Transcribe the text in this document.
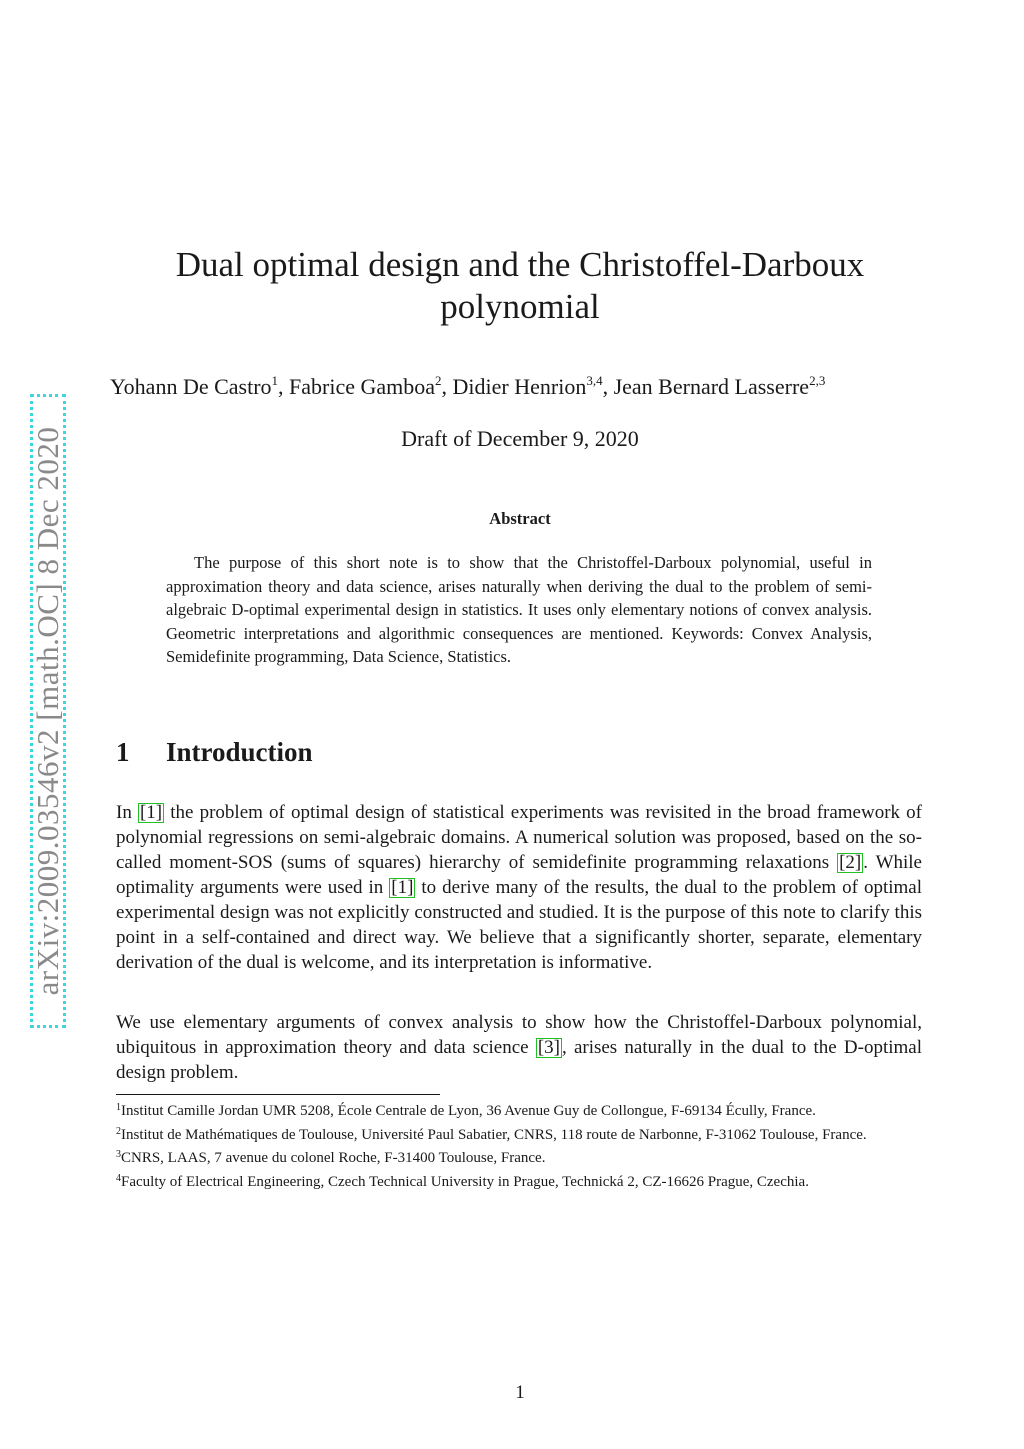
arXiv:2009.03546v2 [math.OC] 8 Dec 2020
Dual optimal design and the Christoffel-Darboux polynomial
Yohann De Castro$^1$, Fabrice Gamboa$^2$, Didier Henrion$^{3,4}$, Jean Bernard Lasserre$^{2,3}$
Draft of December 9, 2020
Abstract
The purpose of this short note is to show that the Christoffel-Darboux polynomial, useful in approximation theory and data science, arises naturally when deriving the dual to the problem of semi-algebraic D-optimal experimental design in statistics. It uses only elementary notions of convex analysis. Geometric interpretations and algorithmic consequences are mentioned. Keywords: Convex Analysis, Semidefinite programming, Data Science, Statistics.
1 Introduction
In [1] the problem of optimal design of statistical experiments was revisited in the broad framework of polynomial regressions on semi-algebraic domains. A numerical solution was proposed, based on the so-called moment-SOS (sums of squares) hierarchy of semidefinite programming relaxations [2] . While optimality arguments were used in [1] to derive many of the results, the dual to the problem of optimal experimental design was not explicitly constructed and studied. It is the purpose of this note to clarify this point in a self-contained and direct way. We believe that a significantly shorter, separate, elementary derivation of the dual is welcome, and its interpretation is informative.
We use elementary arguments of convex analysis to show how the Christoffel-Darboux polynomial, ubiquitous in approximation theory and data science [3] , arises naturally in the dual to the D-optimal design problem.
$^1$Institut Camille Jordan UMR 5208, École Centrale de Lyon, 36 Avenue Guy de Collongue, F-69134 Écully, France.
$^2$Institut de Mathématiques de Toulouse, Université Paul Sabatier, CNRS, 118 route de Narbonne, F-31062 Toulouse, France.
$^3$CNRS, LAAS, 7 avenue du colonel Roche, F-31400 Toulouse, France.
$^4$Faculty of Electrical Engineering, Czech Technical University in Prague, Technická 2, CZ-16626 Prague, Czechia.
1
